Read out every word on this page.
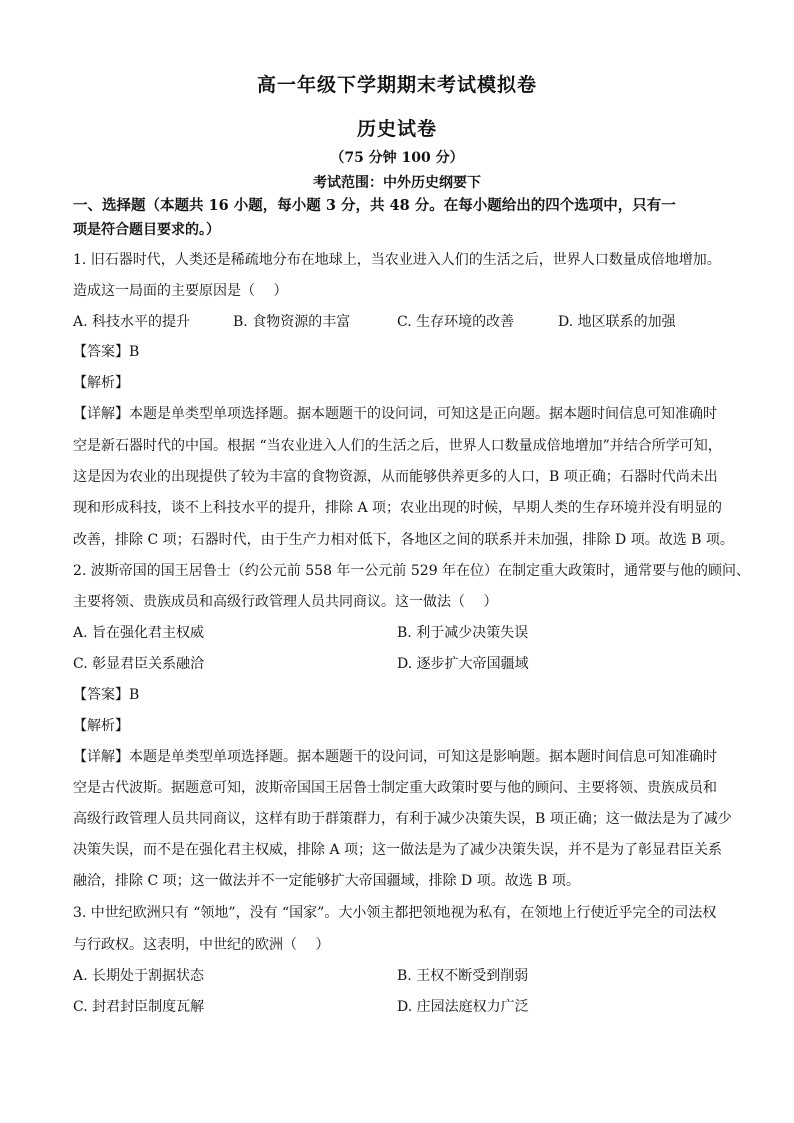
高一年级下学期期末考试模拟卷
历史试卷
（75 分钟 100 分）
考试范围：中外历史纲要下
一、选择题（本题共 16 小题，每小题 3 分，共 48 分。在每小题给出的四个选项中，只有一
项是符合题目要求的。）
1. 旧石器时代，人类还是稀疏地分布在地球上，当农业进入人们的生活之后，世界人口数量成倍地增加。
造成这一局面的主要原因是（　 ）
A. 科技水平的提升	B. 食物资源的丰富	C. 生存环境的改善	D. 地区联系的加强
【答案】B
【解析】
【详解】本题是单类型单项选择题。据本题题干的设问词，可知这是正向题。据本题时间信息可知准确时
空是新石器时代的中国。根据 “当农业进入人们的生活之后，世界人口数量成倍地增加”并结合所学可知，
这是因为农业的出现提供了较为丰富的食物资源，从而能够供养更多的人口，B 项正确；石器时代尚未出
现和形成科技，谈不上科技水平的提升，排除 A 项；农业出现的时候，早期人类的生存环境并没有明显的
改善，排除 C 项；石器时代，由于生产力相对低下，各地区之间的联系并未加强，排除 D 项。故选 B 项。
2. 波斯帝国的国王居鲁士（约公元前 558 年一公元前 529 年在位）在制定重大政策时，通常要与他的顾问、
主要将领、贵族成员和高级行政管理人员共同商议。这一做法（　 ）
A. 旨在强化君主权威	B. 利于减少决策失误
C. 彰显君臣关系融洽	D. 逐步扩大帝国疆域
【答案】B
【解析】
【详解】本题是单类型单项选择题。据本题题干的设问词，可知这是影响题。据本题时间信息可知准确时
空是古代波斯。据题意可知，波斯帝国国王居鲁士制定重大政策时要与他的顾问、主要将领、贵族成员和
高级行政管理人员共同商议，这样有助于群策群力，有利于减少决策失误，B 项正确；这一做法是为了减少
决策失误，而不是在强化君主权威，排除 A 项；这一做法是为了减少决策失误，并不是为了彰显君臣关系
融洽，排除 C 项；这一做法并不一定能够扩大帝国疆域，排除 D 项。故选 B 项。
3. 中世纪欧洲只有 “领地”，没有 “国家”。大小领主都把领地视为私有，在领地上行使近乎完全的司法权
与行政权。这表明，中世纪的欧洲（　 ）
A. 长期处于割据状态	B. 王权不断受到削弱
C. 封君封臣制度瓦解	D. 庄园法庭权力广泛
